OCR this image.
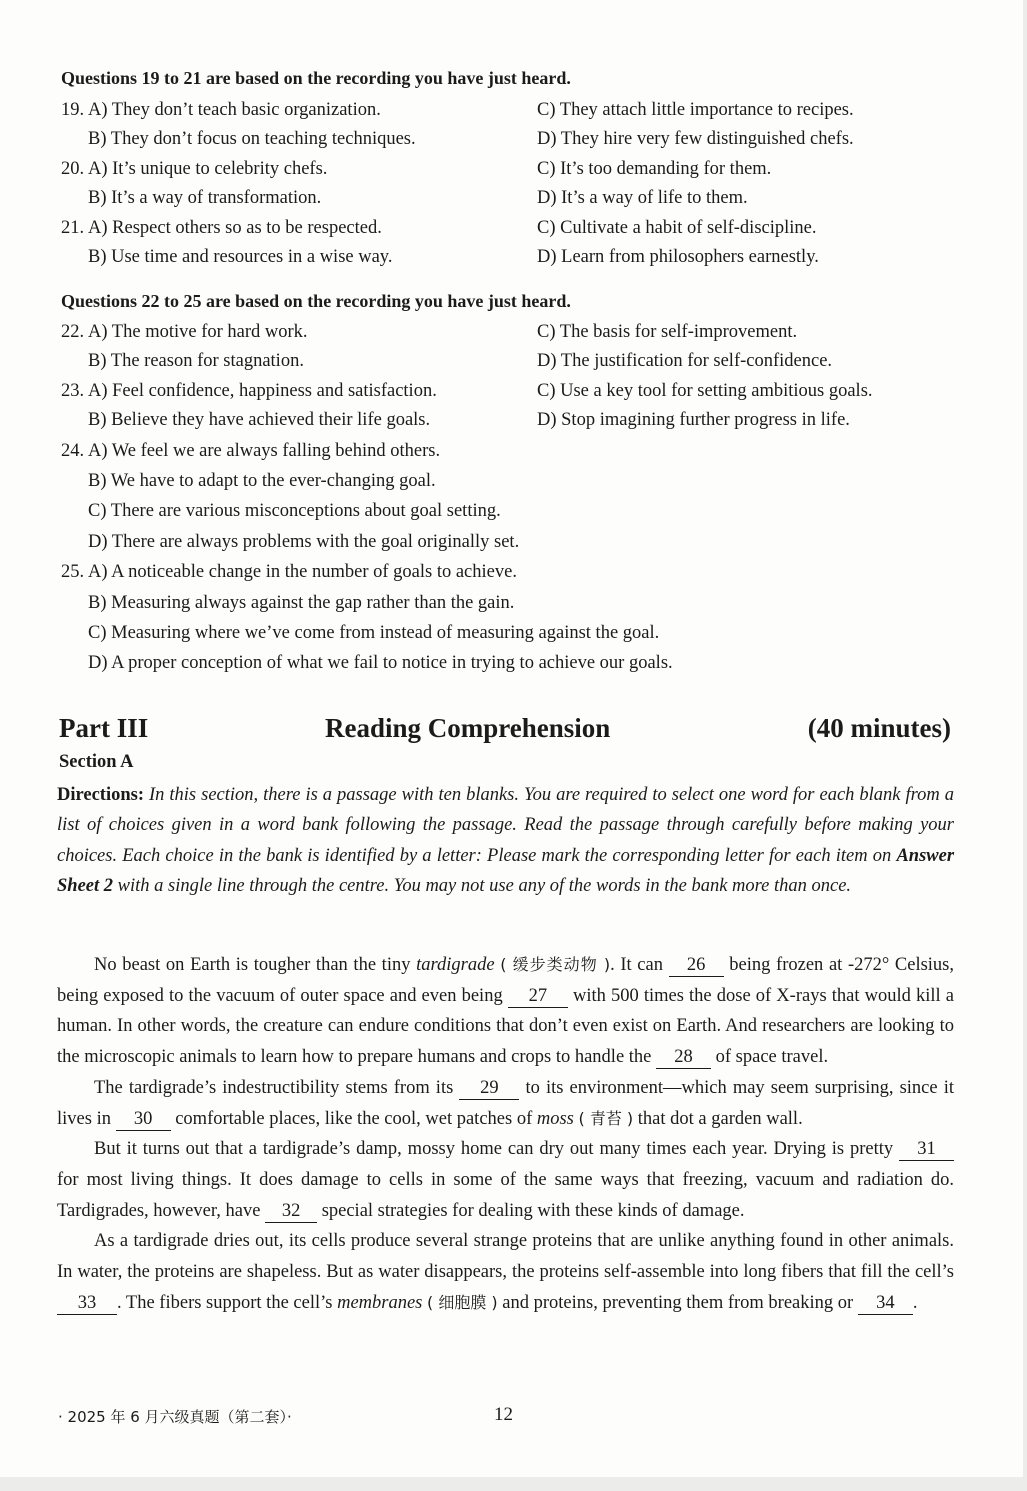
Questions 19 to 21 are based on the recording you have just heard.
19. A) They don’t teach basic organization.	C) They attach little importance to recipes.
B) They don’t focus on teaching techniques.	D) They hire very few distinguished chefs.
20. A) It’s unique to celebrity chefs.	C) It’s too demanding for them.
B) It’s a way of transformation.	D) It’s a way of life to them.
21. A) Respect others so as to be respected.	C) Cultivate a habit of self-discipline.
B) Use time and resources in a wise way.	D) Learn from philosophers earnestly.
Questions 22 to 25 are based on the recording you have just heard.
22. A) The motive for hard work.	C) The basis for self-improvement.
B) The reason for stagnation.	D) The justification for self-confidence.
23. A) Feel confidence, happiness and satisfaction.	C) Use a key tool for setting ambitious goals.
B) Believe they have achieved their life goals.	D) Stop imagining further progress in life.
24. A) We feel we are always falling behind others.
B) We have to adapt to the ever-changing goal.
C) There are various misconceptions about goal setting.
D) There are always problems with the goal originally set.
25. A) A noticeable change in the number of goals to achieve.
B) Measuring always against the gap rather than the gain.
C) Measuring where we’ve come from instead of measuring against the goal.
D) A proper conception of what we fail to notice in trying to achieve our goals.
Part III	Reading Comprehension	(40 minutes)
Section A
Directions: In this section, there is a passage with ten blanks. You are required to select one word for each blank from a list of choices given in a word bank following the passage. Read the passage through carefully before making your choices. Each choice in the bank is identified by a letter: Please mark the corresponding letter for each item on Answer Sheet 2 with a single line through the centre. You may not use any of the words in the bank more than once.

No beast on Earth is tougher than the tiny tardigrade ( 缓步类动物 ). It can 26 being frozen at -272° Celsius, being exposed to the vacuum of outer space and even being 27 with 500 times the dose of X-rays that would kill a human. In other words, the creature can endure conditions that don’t even exist on Earth. And researchers are looking to the microscopic animals to learn how to prepare humans and crops to handle the 28 of space travel.

The tardigrade’s indestructibility stems from its 29 to its environment—which may seem surprising, since it lives in 30 comfortable places, like the cool, wet patches of moss ( 青苔 ) that dot a garden wall.

But it turns out that a tardigrade’s damp, mossy home can dry out many times each year. Drying is pretty 31 for most living things. It does damage to cells in some of the same ways that freezing, vacuum and radiation do. Tardigrades, however, have 32 special strategies for dealing with these kinds of damage.

As a tardigrade dries out, its cells produce several strange proteins that are unlike anything found in other animals. In water, the proteins are shapeless. But as water disappears, the proteins self-assemble into long fibers that fill the cell’s 33 . The fibers support the cell’s membranes ( 细胞膜 ) and proteins, preventing them from breaking or 34 .

· 2025 年 6 月六级真题（第二套）·	12
